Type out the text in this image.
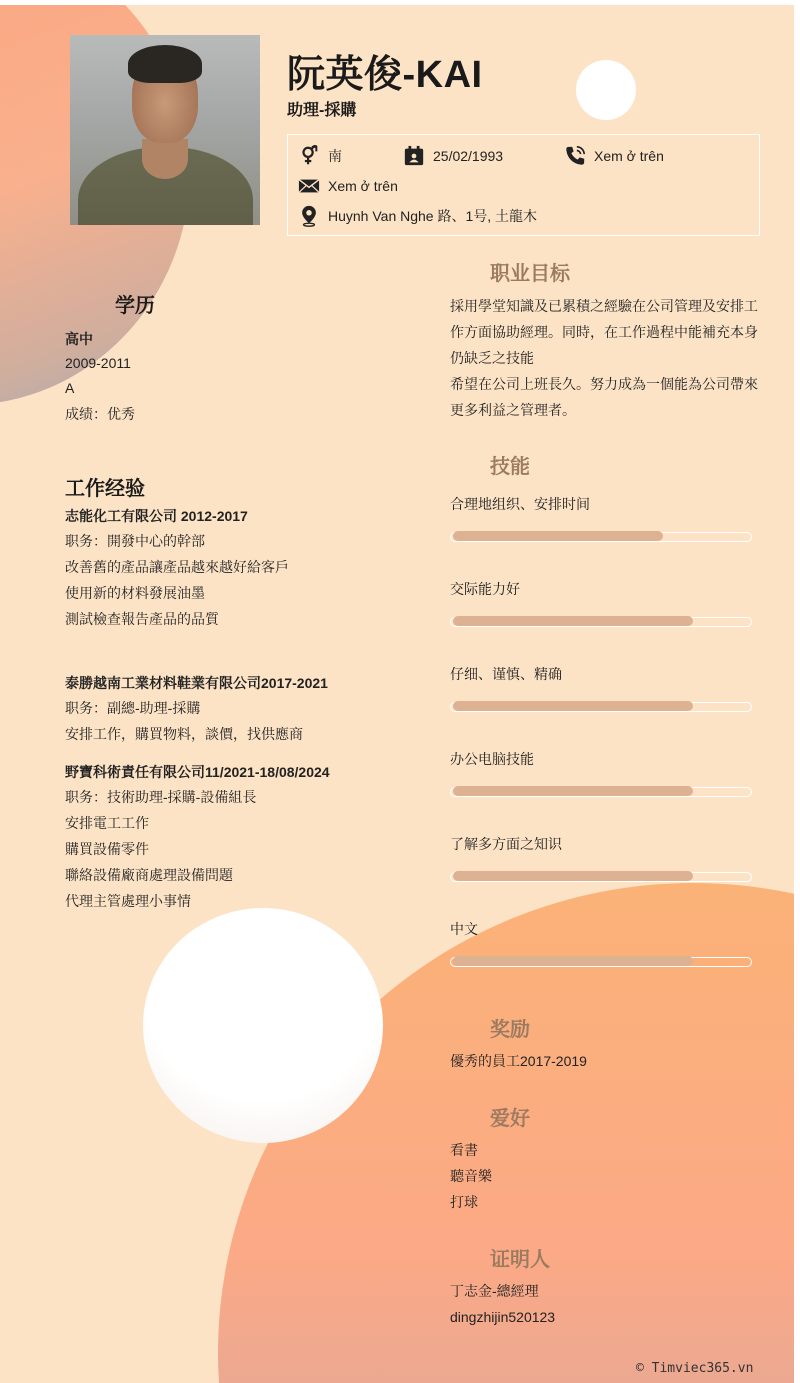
阮英俊-KAI
助理-採購
南	25/02/1993	Xem ở trên
Xem ở trên
Huynh Van Nghe 路、1号, 土龍木
学历
高中
2009-2011
A
成绩：优秀
工作经验
志能化工有限公司 2012-2017
职务：開發中心的幹部
改善舊的產品讓產品越來越好給客戶
使用新的材料發展油墨
測試檢查報告產品的品質
泰勝越南工業材料鞋業有限公司2017-2021
职务：副總-助理-採購
安排工作，購買物料，談價，找供應商
野寶科術責任有限公司11/2021-18/08/2024
职务：技術助理-採購-設備組長
安排電工工作
購買設備零件
聯絡設備廠商處理設備問題
代理主管處理小事情
职业目标
採用學堂知識及已累積之經驗在公司管理及安排工
作方面協助經理。同時，在工作過程中能補充本身
仍缺乏之技能
希望在公司上班長久。努力成為一個能為公司帶來
更多利益之管理者。
技能
合理地组织、安排时间
交际能力好
仔细、谨慎、精确
办公电脑技能
了解多方面之知识
中文
奖励
優秀的員工2017-2019
爱好
看書
聽音樂
打球
证明人
丁志金-總經理
dingzhijin520123
© Timviec365.vn
